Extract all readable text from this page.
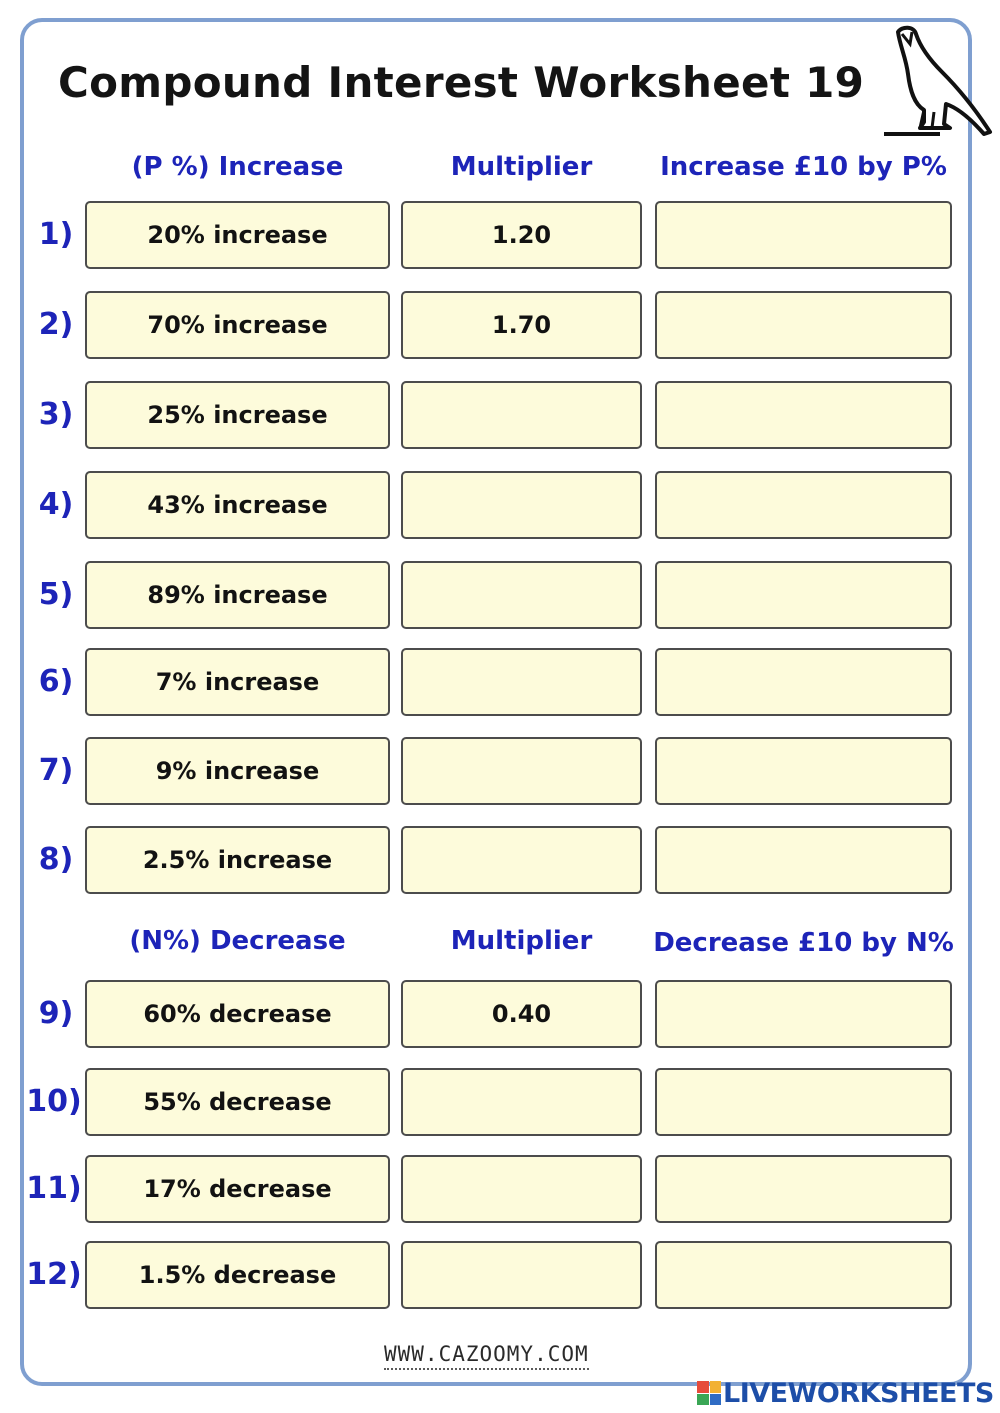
Compound Interest Worksheet 19
(P %) Increase	Multiplier	Increase £10 by P%
1)	20% increase	1.20
2)	70% increase	1.70
3)	25% increase
4)	43% increase
5)	89% increase
6)	7% increase
7)	9% increase
8)	2.5% increase
(N%) Decrease	Multiplier	Decrease £10 by N%
9)	60% decrease	0.40
10)	55% decrease
11)	17% decrease
12)	1.5% decrease
WWW.CAZOOMY.COM
LIVEWORKSHEETS
